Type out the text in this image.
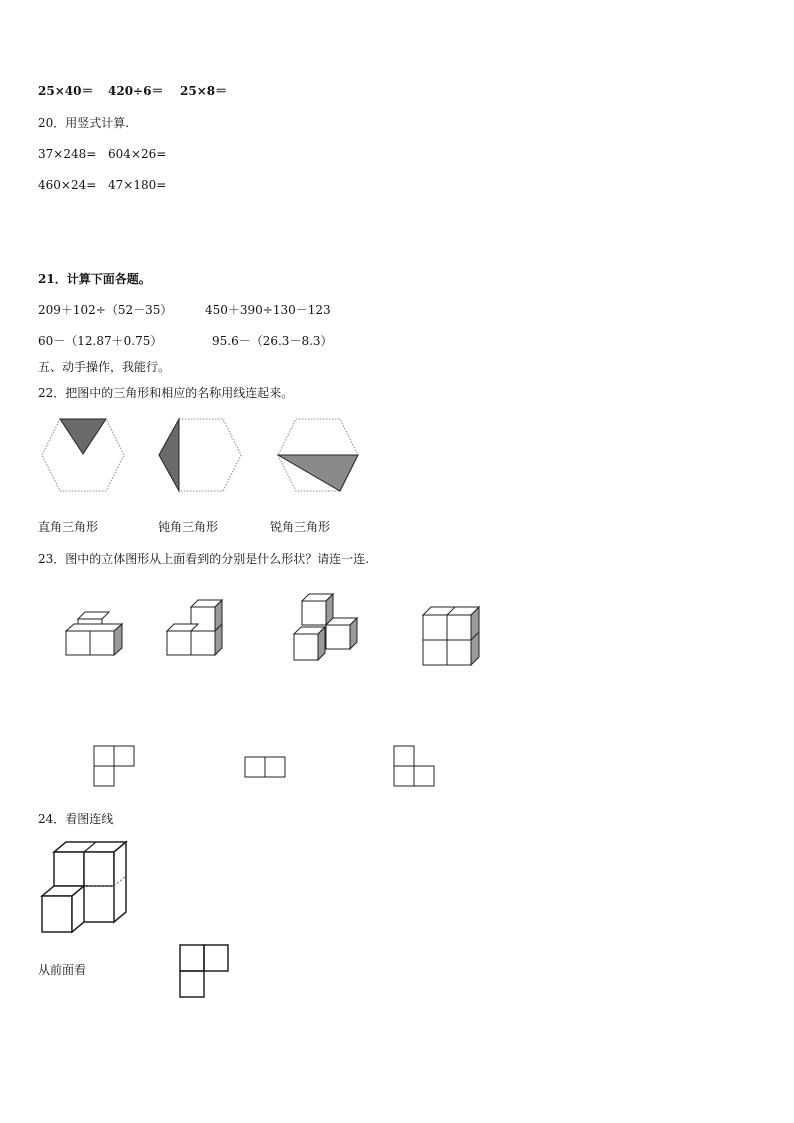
25×40＝ 420÷6＝ 25×8＝
20．用竖式计算.
37×248= 604×26=
460×24= 47×180=
21．计算下面各题。
209＋102÷（52－35）	450＋390÷130－123
60－（12.87＋0.75）	95.6－（26.3－8.3）
五、动手操作，我能行。
22．把图中的三角形和相应的名称用线连起来。
直角三角形	钝角三角形	锐角三角形
23．图中的立体图形从上面看到的分别是什么形状？请连一连.
24．看图连线
从前面看
